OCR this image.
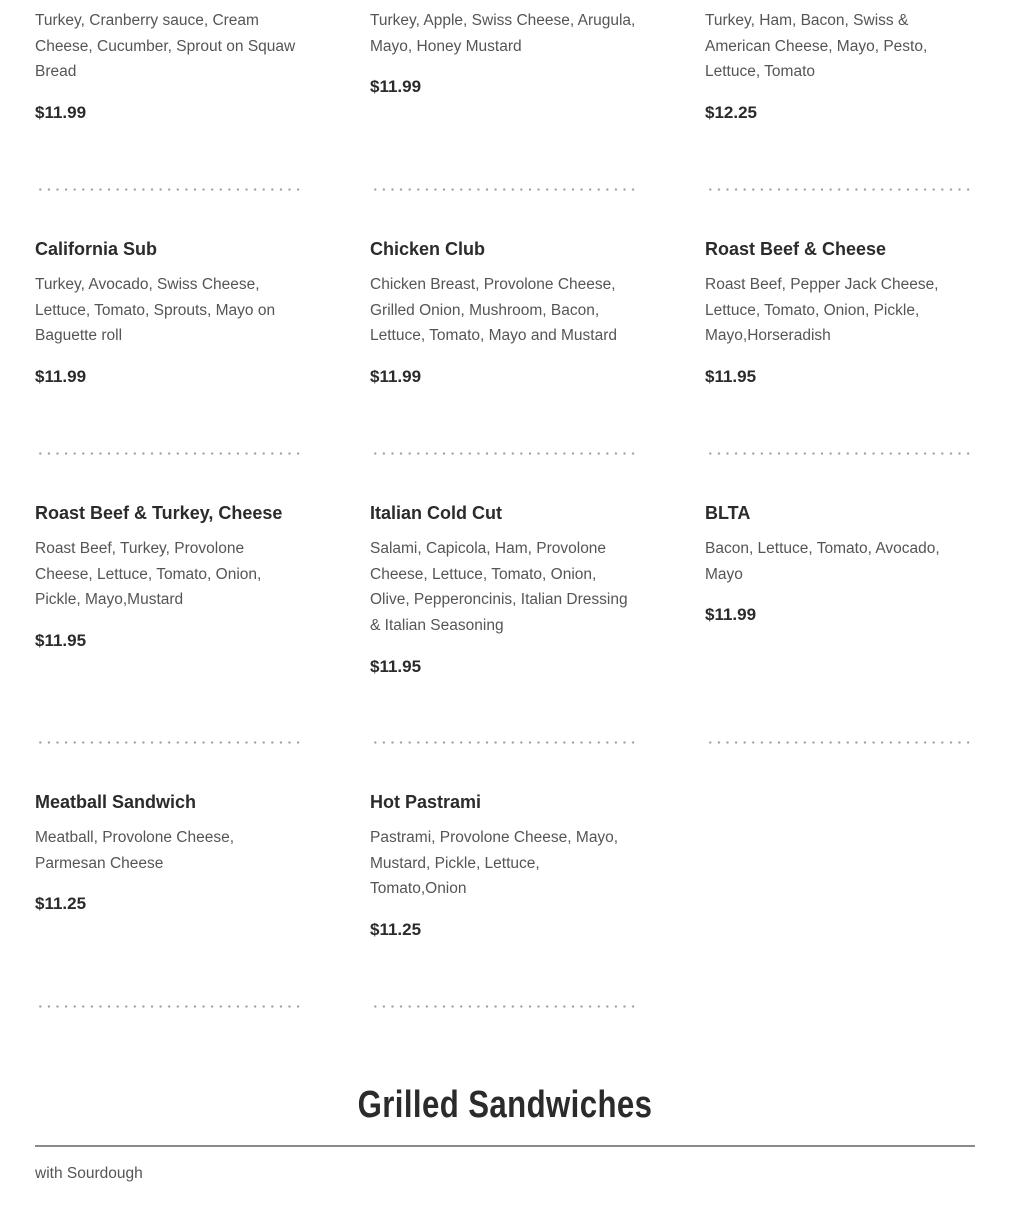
Turkey, Cranberry sauce, Cream Cheese, Cucumber, Sprout on Squaw Bread
$11.99
Turkey, Apple, Swiss Cheese, Arugula, Mayo, Honey Mustard
$11.99
Turkey, Ham, Bacon, Swiss & American Cheese, Mayo, Pesto, Lettuce, Tomato
$12.25
California Sub
Turkey, Avocado, Swiss Cheese, Lettuce, Tomato, Sprouts, Mayo on Baguette roll
$11.99
Chicken Club
Chicken Breast, Provolone Cheese, Grilled Onion, Mushroom, Bacon, Lettuce, Tomato, Mayo and Mustard
$11.99
Roast Beef & Cheese
Roast Beef, Pepper Jack Cheese, Lettuce, Tomato, Onion, Pickle, Mayo,Horseradish
$11.95
Roast Beef & Turkey, Cheese
Roast Beef, Turkey, Provolone Cheese, Lettuce, Tomato, Onion, Pickle, Mayo,Mustard
$11.95
Italian Cold Cut
Salami, Capicola, Ham, Provolone Cheese, Lettuce, Tomato, Onion, Olive, Pepperoncinis, Italian Dressing & Italian Seasoning
$11.95
BLTA
Bacon, Lettuce, Tomato, Avocado, Mayo
$11.99
Meatball Sandwich
Meatball, Provolone Cheese, Parmesan Cheese
$11.25
Hot Pastrami
Pastrami, Provolone Cheese, Mayo, Mustard, Pickle, Lettuce, Tomato,Onion
$11.25
Grilled Sandwiches
with Sourdough
